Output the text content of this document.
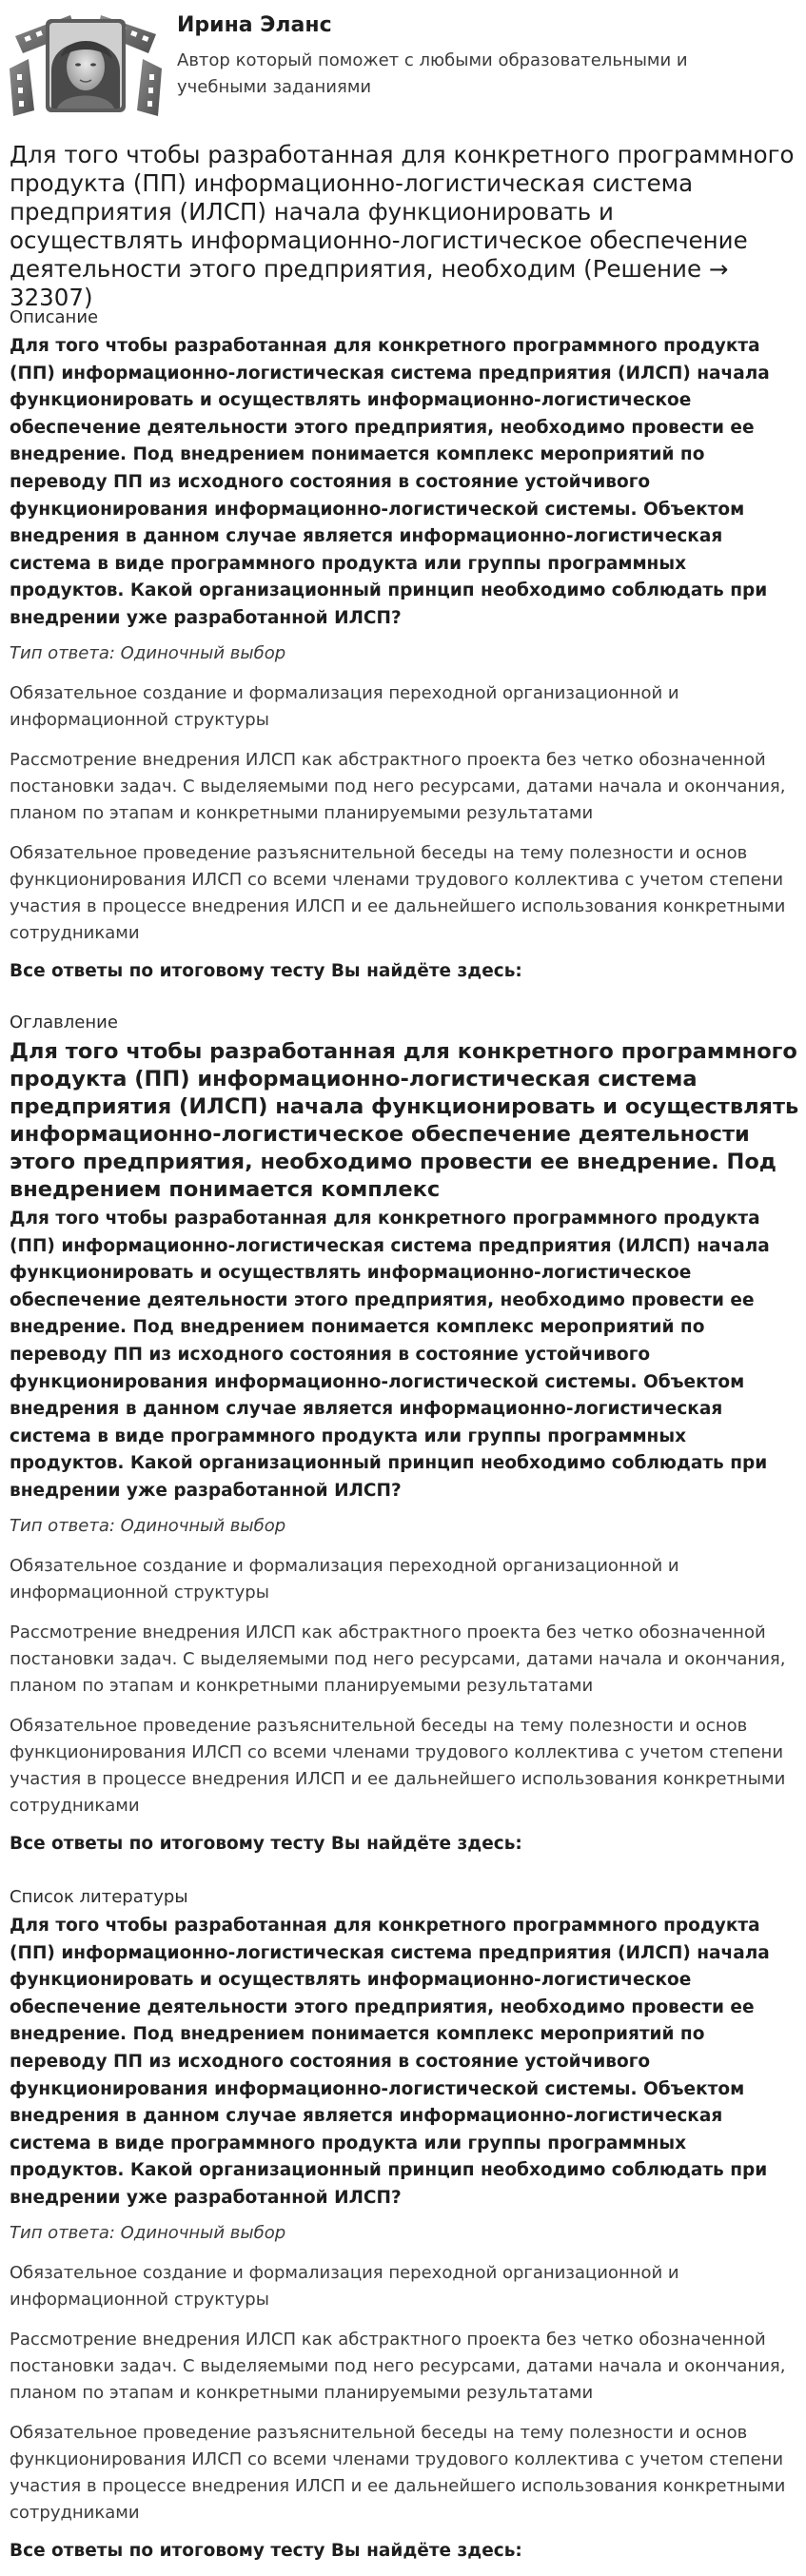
Ирина Эланс

Автор который поможет с любыми образовательными и учебными заданиями

Для того чтобы разработанная для конкретного программного продукта (ПП) информационно-логистическая система предприятия (ИЛСП) начала функционировать и осуществлять информационно-логистическое обеспечение деятельности этого предприятия, необходим (Решение → 32307)
Описание
Для того чтобы разработанная для конкретного программного продукта (ПП) информационно-логистическая система предприятия (ИЛСП) начала функционировать и осуществлять информационно-логистическое обеспечение деятельности этого предприятия, необходимо провести ее внедрение. Под внедрением понимается комплекс мероприятий по переводу ПП из исходного состояния в состояние устойчивого функционирования информационно-логистической системы. Объектом внедрения в данном случае является информационно-логистическая система в виде программного продукта или группы программных продуктов. Какой организационный принцип необходимо соблюдать при внедрении уже разработанной ИЛСП?
Тип ответа: Одиночный выбор
Обязательное создание и формализация переходной организационной и информационной структуры
Рассмотрение внедрения ИЛСП как абстрактного проекта без четко обозначенной постановки задач. С выделяемыми под него ресурсами, датами начала и окончания, планом по этапам и конкретными планируемыми результатами
Обязательное проведение разъяснительной беседы на тему полезности и основ функционирования ИЛСП со всеми членами трудового коллектива с учетом степени участия в процессе внедрения ИЛСП и ее дальнейшего использования конкретными сотрудниками
Все ответы по итоговому тесту Вы найдёте здесь:
Оглавление
Для того чтобы разработанная для конкретного программного продукта (ПП) информационно-логистическая система предприятия (ИЛСП) начала функционировать и осуществлять информационно-логистическое обеспечение деятельности этого предприятия, необходимо провести ее внедрение. Под внедрением понимается комплекс
Для того чтобы разработанная для конкретного программного продукта (ПП) информационно-логистическая система предприятия (ИЛСП) начала функционировать и осуществлять информационно-логистическое обеспечение деятельности этого предприятия, необходимо провести ее внедрение. Под внедрением понимается комплекс мероприятий по переводу ПП из исходного состояния в состояние устойчивого функционирования информационно-логистической системы. Объектом внедрения в данном случае является информационно-логистическая система в виде программного продукта или группы программных продуктов. Какой организационный принцип необходимо соблюдать при внедрении уже разработанной ИЛСП?
Тип ответа: Одиночный выбор
Обязательное создание и формализация переходной организационной и информационной структуры
Рассмотрение внедрения ИЛСП как абстрактного проекта без четко обозначенной постановки задач. С выделяемыми под него ресурсами, датами начала и окончания, планом по этапам и конкретными планируемыми результатами
Обязательное проведение разъяснительной беседы на тему полезности и основ функционирования ИЛСП со всеми членами трудового коллектива с учетом степени участия в процессе внедрения ИЛСП и ее дальнейшего использования конкретными сотрудниками
Все ответы по итоговому тесту Вы найдёте здесь:
Список литературы
Для того чтобы разработанная для конкретного программного продукта (ПП) информационно-логистическая система предприятия (ИЛСП) начала функционировать и осуществлять информационно-логистическое обеспечение деятельности этого предприятия, необходимо провести ее внедрение. Под внедрением понимается комплекс мероприятий по переводу ПП из исходного состояния в состояние устойчивого функционирования информационно-логистической системы. Объектом внедрения в данном случае является информационно-логистическая система в виде программного продукта или группы программных продуктов. Какой организационный принцип необходимо соблюдать при внедрении уже разработанной ИЛСП?
Тип ответа: Одиночный выбор
Обязательное создание и формализация переходной организационной и информационной структуры
Рассмотрение внедрения ИЛСП как абстрактного проекта без четко обозначенной постановки задач. С выделяемыми под него ресурсами, датами начала и окончания, планом по этапам и конкретными планируемыми результатами
Обязательное проведение разъяснительной беседы на тему полезности и основ функционирования ИЛСП со всеми членами трудового коллектива с учетом степени участия в процессе внедрения ИЛСП и ее дальнейшего использования конкретными сотрудниками
Все ответы по итоговому тесту Вы найдёте здесь:
